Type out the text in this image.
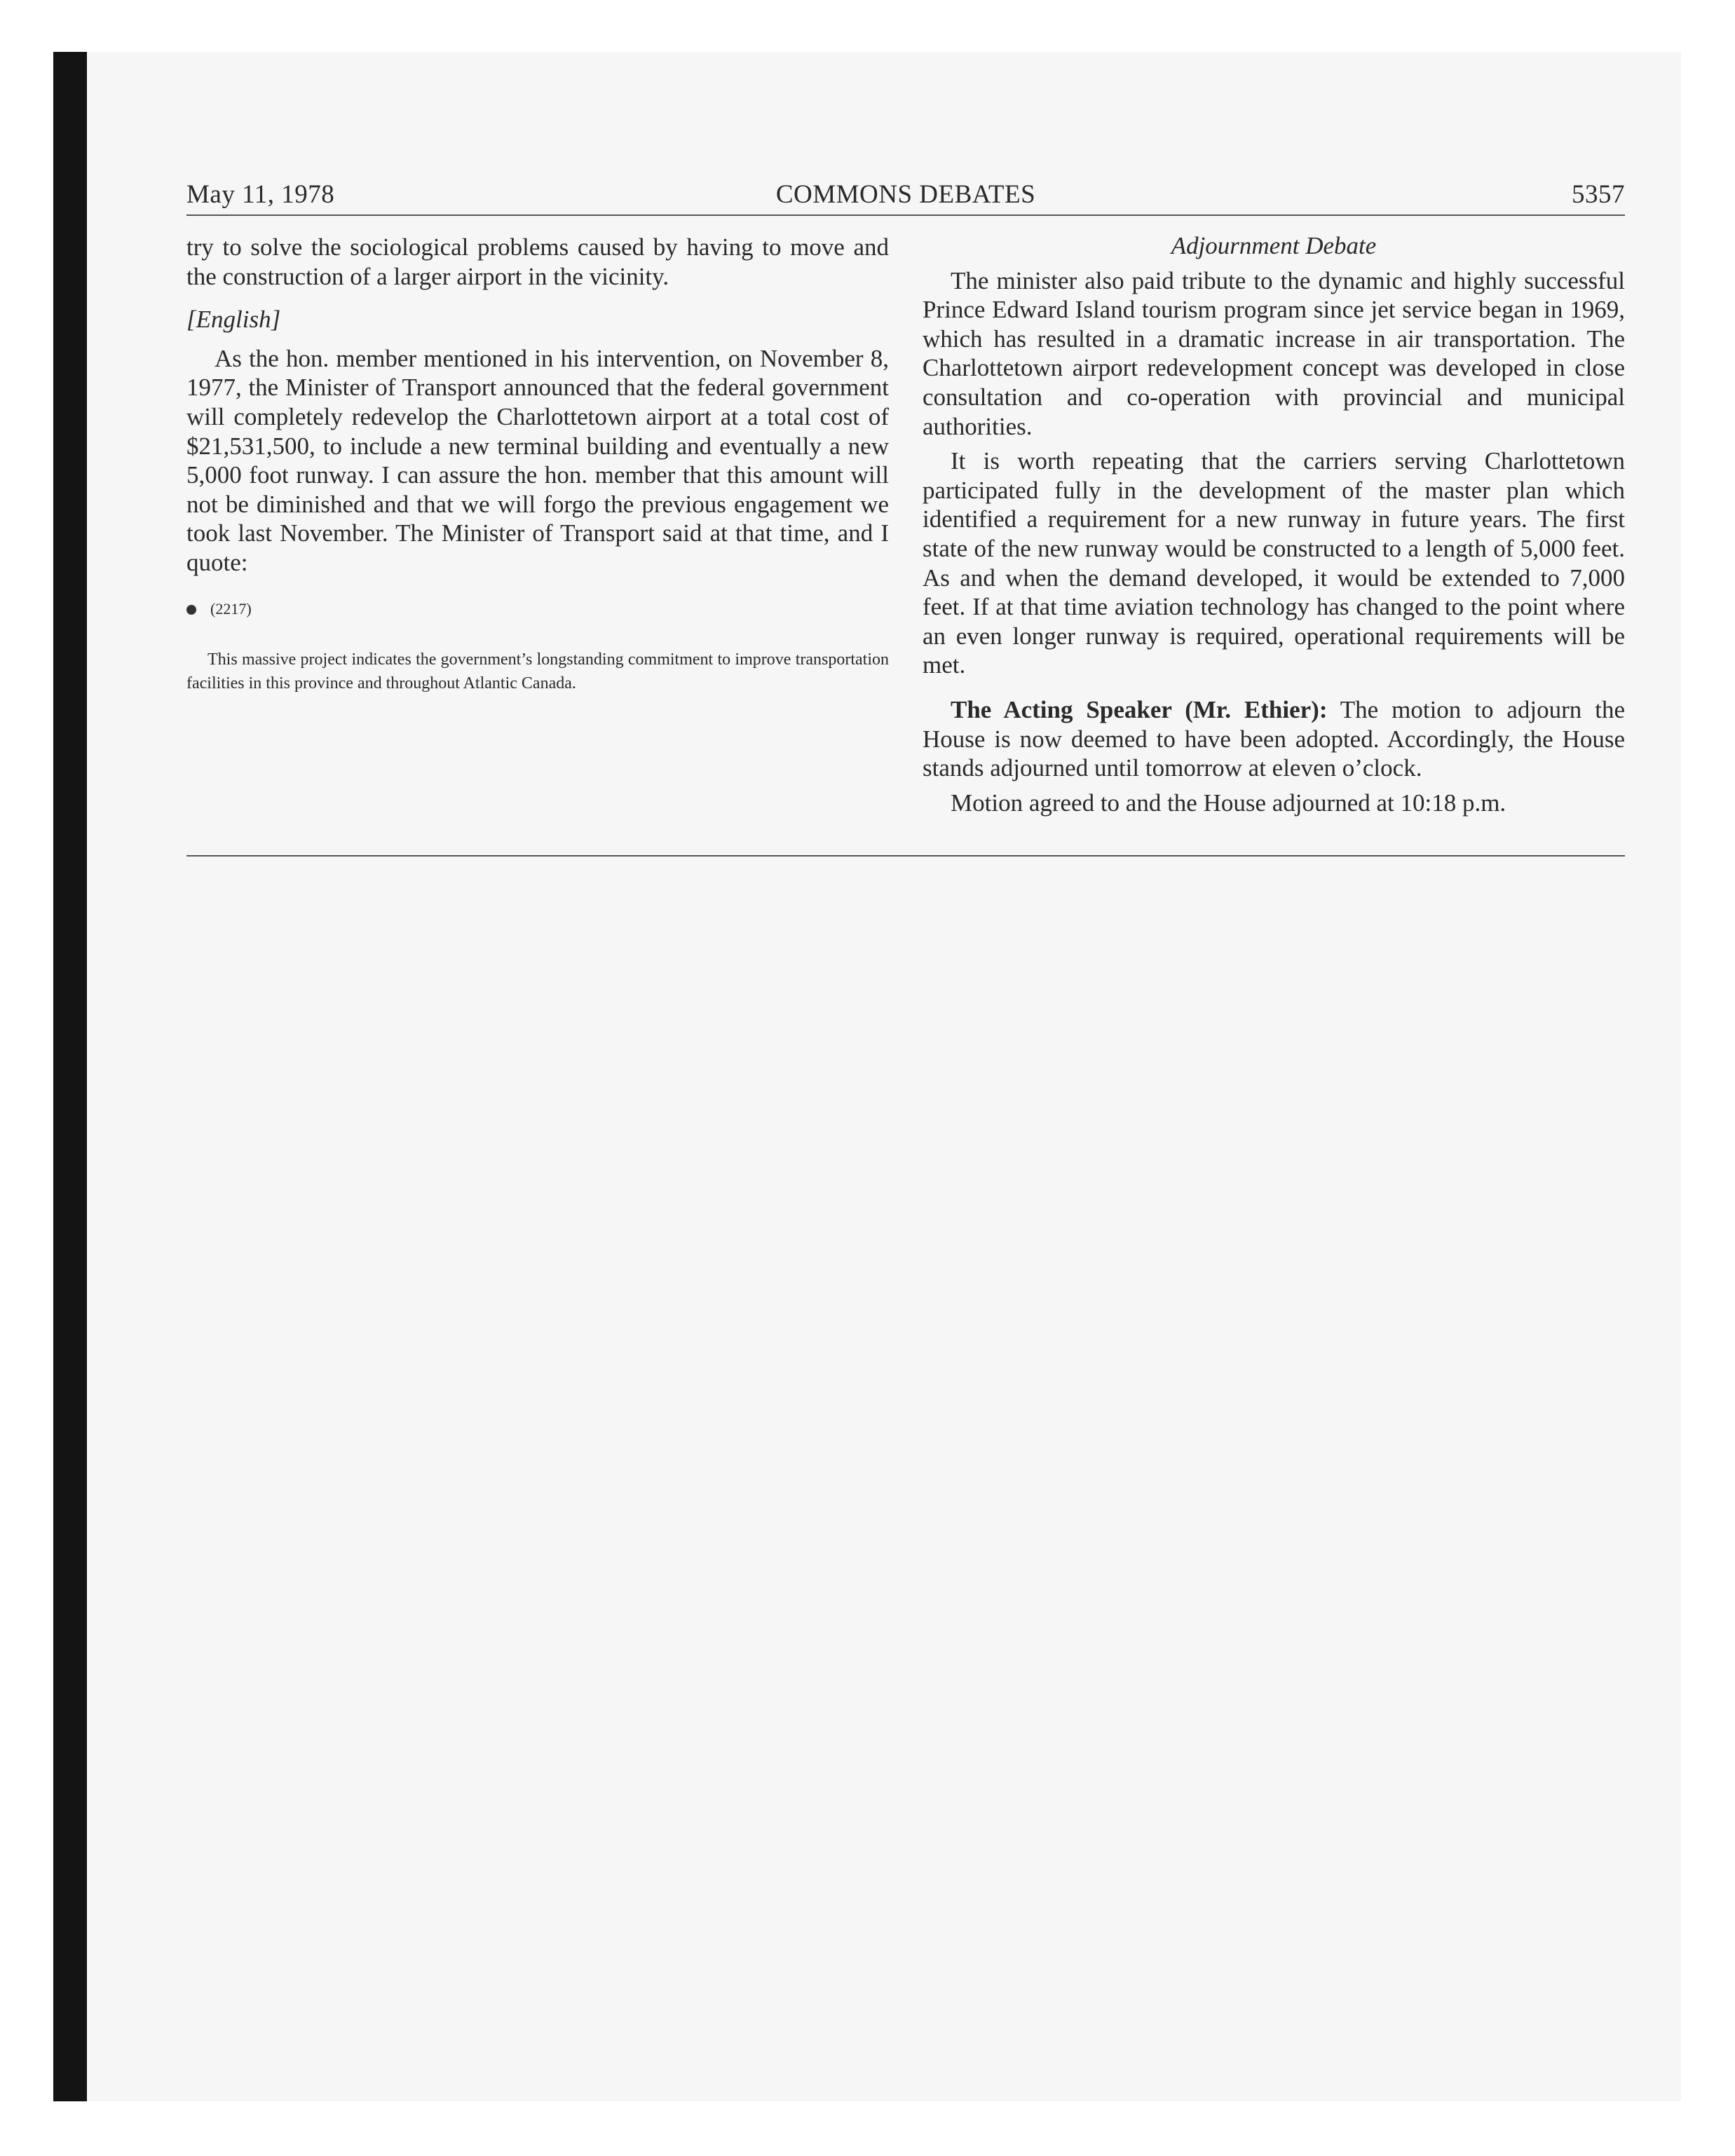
May 11, 1978	COMMONS DEBATES	5357

try to solve the sociological problems caused by having to move and the construction of a larger airport in the vicinity.

[English]

As the hon. member mentioned in his intervention, on November 8, 1977, the Minister of Transport announced that the federal government will completely redevelop the Charlottetown airport at a total cost of $21,531,500, to include a new terminal building and eventually a new 5,000 foot runway. I can assure the hon. member that this amount will not be diminished and that we will forgo the previous engagement we took last November. The Minister of Transport said at that time, and I quote:

(2217)

This massive project indicates the government’s longstanding commitment to improve transportation facilities in this province and throughout Atlantic Canada.

Adjournment Debate

The minister also paid tribute to the dynamic and highly successful Prince Edward Island tourism program since jet service began in 1969, which has resulted in a dramatic increase in air transportation. The Charlottetown airport redevelopment concept was developed in close consultation and co-operation with provincial and municipal authorities.

It is worth repeating that the carriers serving Charlottetown participated fully in the development of the master plan which identified a requirement for a new runway in future years. The first state of the new runway would be constructed to a length of 5,000 feet. As and when the demand developed, it would be extended to 7,000 feet. If at that time aviation technology has changed to the point where an even longer runway is required, operational requirements will be met.

The Acting Speaker (Mr. Ethier): The motion to adjourn the House is now deemed to have been adopted. Accordingly, the House stands adjourned until tomorrow at eleven o’clock.

Motion agreed to and the House adjourned at 10:18 p.m.
